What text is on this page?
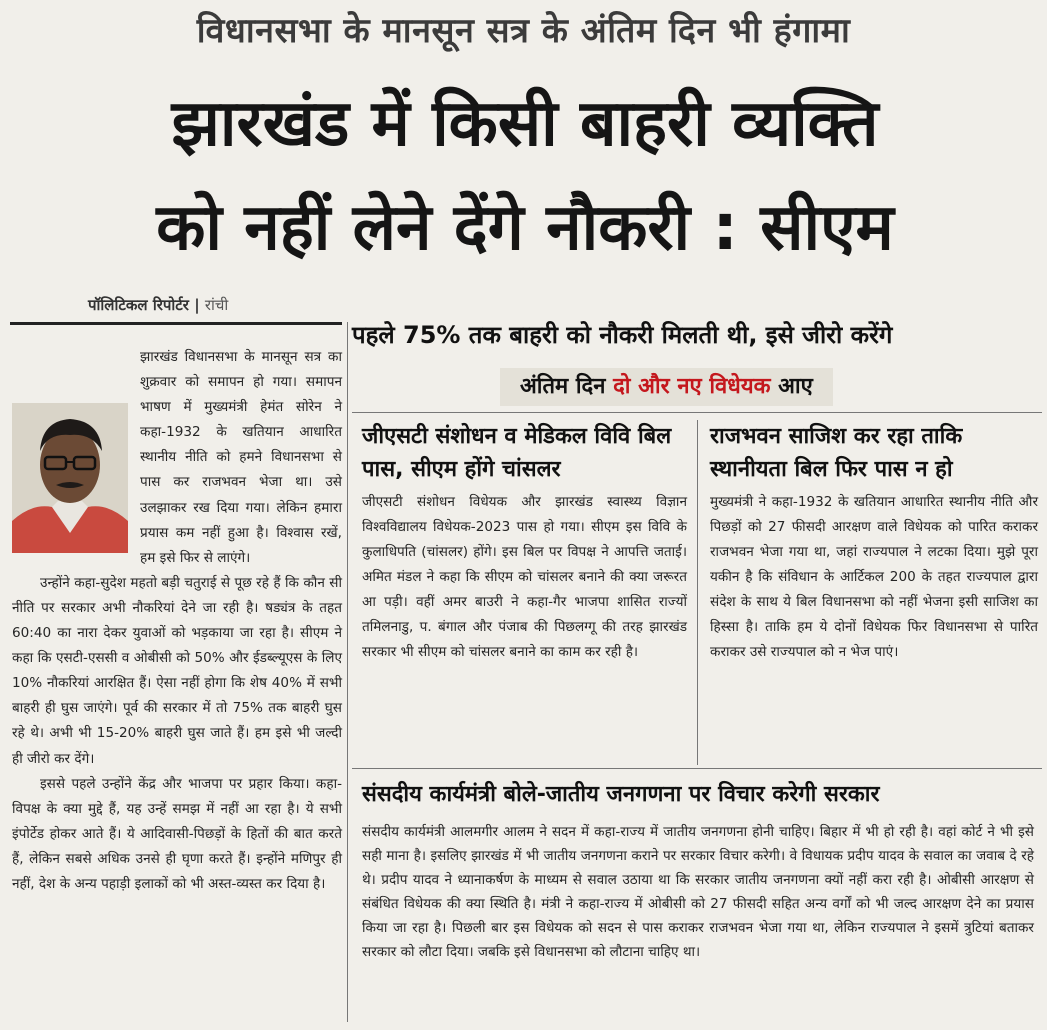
विधानसभा के मानसून सत्र के अंतिम दिन भी हंगामा
झारखंड में किसी बाहरी व्यक्ति
को नहीं लेने देंगे नौकरी : सीएम
पॉलिटिकल रिपोर्टर | रांची
पहले 75% तक बाहरी को नौकरी मिलती थी, इसे जीरो करेंगे
अंतिम दिन दो और नए विधेयक आए

झारखंड विधानसभा के मानसून सत्र का शुक्रवार को समापन हो गया। समापन भाषण में मुख्यमंत्री हेमंत सोरेन ने कहा-1932 के खतियान आधारित स्थानीय नीति को हमने विधानसभा से पास कर राजभवन भेजा था। उसे उलझाकर रख दिया गया। लेकिन हमारा प्रयास कम नहीं हुआ है। विश्वास रखें, हम इसे फिर से लाएंगे।

उन्होंने कहा-सुदेश महतो बड़ी चतुराई से पूछ रहे हैं कि कौन सी नीति पर सरकार अभी नौकरियां देने जा रही है। षड्यंत्र के तहत 60:40 का नारा देकर युवाओं को भड़काया जा रहा है। सीएम ने कहा कि एसटी-एससी व ओबीसी को 50% और ईडब्ल्यूएस के लिए 10% नौकरियां आरक्षित हैं। ऐसा नहीं होगा कि शेष 40% में सभी बाहरी ही घुस जाएंगे। पूर्व की सरकार में तो 75% तक बाहरी घुस रहे थे। अभी भी 15-20% बाहरी घुस जाते हैं। हम इसे भी जल्दी ही जीरो कर देंगे।

इससे पहले उन्होंने केंद्र और भाजपा पर प्रहार किया। कहा-विपक्ष के क्या मुद्दे हैं, यह उन्हें समझ में नहीं आ रहा है। ये सभी इंपोर्टेड होकर आते हैं। ये आदिवासी-पिछड़ों के हितों की बात करते हैं, लेकिन सबसे अधिक उनसे ही घृणा करते हैं। इन्होंने मणिपुर ही नहीं, देश के अन्य पहाड़ी इलाकों को भी अस्त-व्यस्त कर दिया है।

जीएसटी संशोधन व मेडिकल विवि बिल पास, सीएम होंगे चांसलर

जीएसटी संशोधन विधेयक और झारखंड स्वास्थ्य विज्ञान विश्वविद्यालय विधेयक-2023 पास हो गया। सीएम इस विवि के कुलाधिपति (चांसलर) होंगे। इस बिल पर विपक्ष ने आपत्ति जताई। अमित मंडल ने कहा कि सीएम को चांसलर बनाने की क्या जरूरत आ पड़ी। वहीं अमर बाउरी ने कहा-गैर भाजपा शासित राज्यों तमिलनाडु, प. बंगाल और पंजाब की पिछलग्गू की तरह झारखंड सरकार भी सीएम को चांसलर बनाने का काम कर रही है।

राजभवन साजिश कर रहा ताकि स्थानीयता बिल फिर पास न हो

मुख्यमंत्री ने कहा-1932 के खतियान आधारित स्थानीय नीति और पिछड़ों को 27 फीसदी आरक्षण वाले विधेयक को पारित कराकर राजभवन भेजा गया था, जहां राज्यपाल ने लटका दिया। मुझे पूरा यकीन है कि संविधान के आर्टिकल 200 के तहत राज्यपाल द्वारा संदेश के साथ ये बिल विधानसभा को नहीं भेजना इसी साजिश का हिस्सा है। ताकि हम ये दोनों विधेयक फिर विधानसभा से पारित कराकर उसे राज्यपाल को न भेज पाएं।

संसदीय कार्यमंत्री बोले-जातीय जनगणना पर विचार करेगी सरकार

संसदीय कार्यमंत्री आलमगीर आलम ने सदन में कहा-राज्य में जातीय जनगणना होनी चाहिए। बिहार में भी हो रही है। वहां कोर्ट ने भी इसे सही माना है। इसलिए झारखंड में भी जातीय जनगणना कराने पर सरकार विचार करेगी। वे विधायक प्रदीप यादव के सवाल का जवाब दे रहे थे। प्रदीप यादव ने ध्यानाकर्षण के माध्यम से सवाल उठाया था कि सरकार जातीय जनगणना क्यों नहीं करा रही है। ओबीसी आरक्षण से संबंधित विधेयक की क्या स्थिति है। मंत्री ने कहा-राज्य में ओबीसी को 27 फीसदी सहित अन्य वर्गों को भी जल्द आरक्षण देने का प्रयास किया जा रहा है। पिछली बार इस विधेयक को सदन से पास कराकर राजभवन भेजा गया था, लेकिन राज्यपाल ने इसमें त्रुटियां बताकर सरकार को लौटा दिया। जबकि इसे विधानसभा को लौटाना चाहिए था।
